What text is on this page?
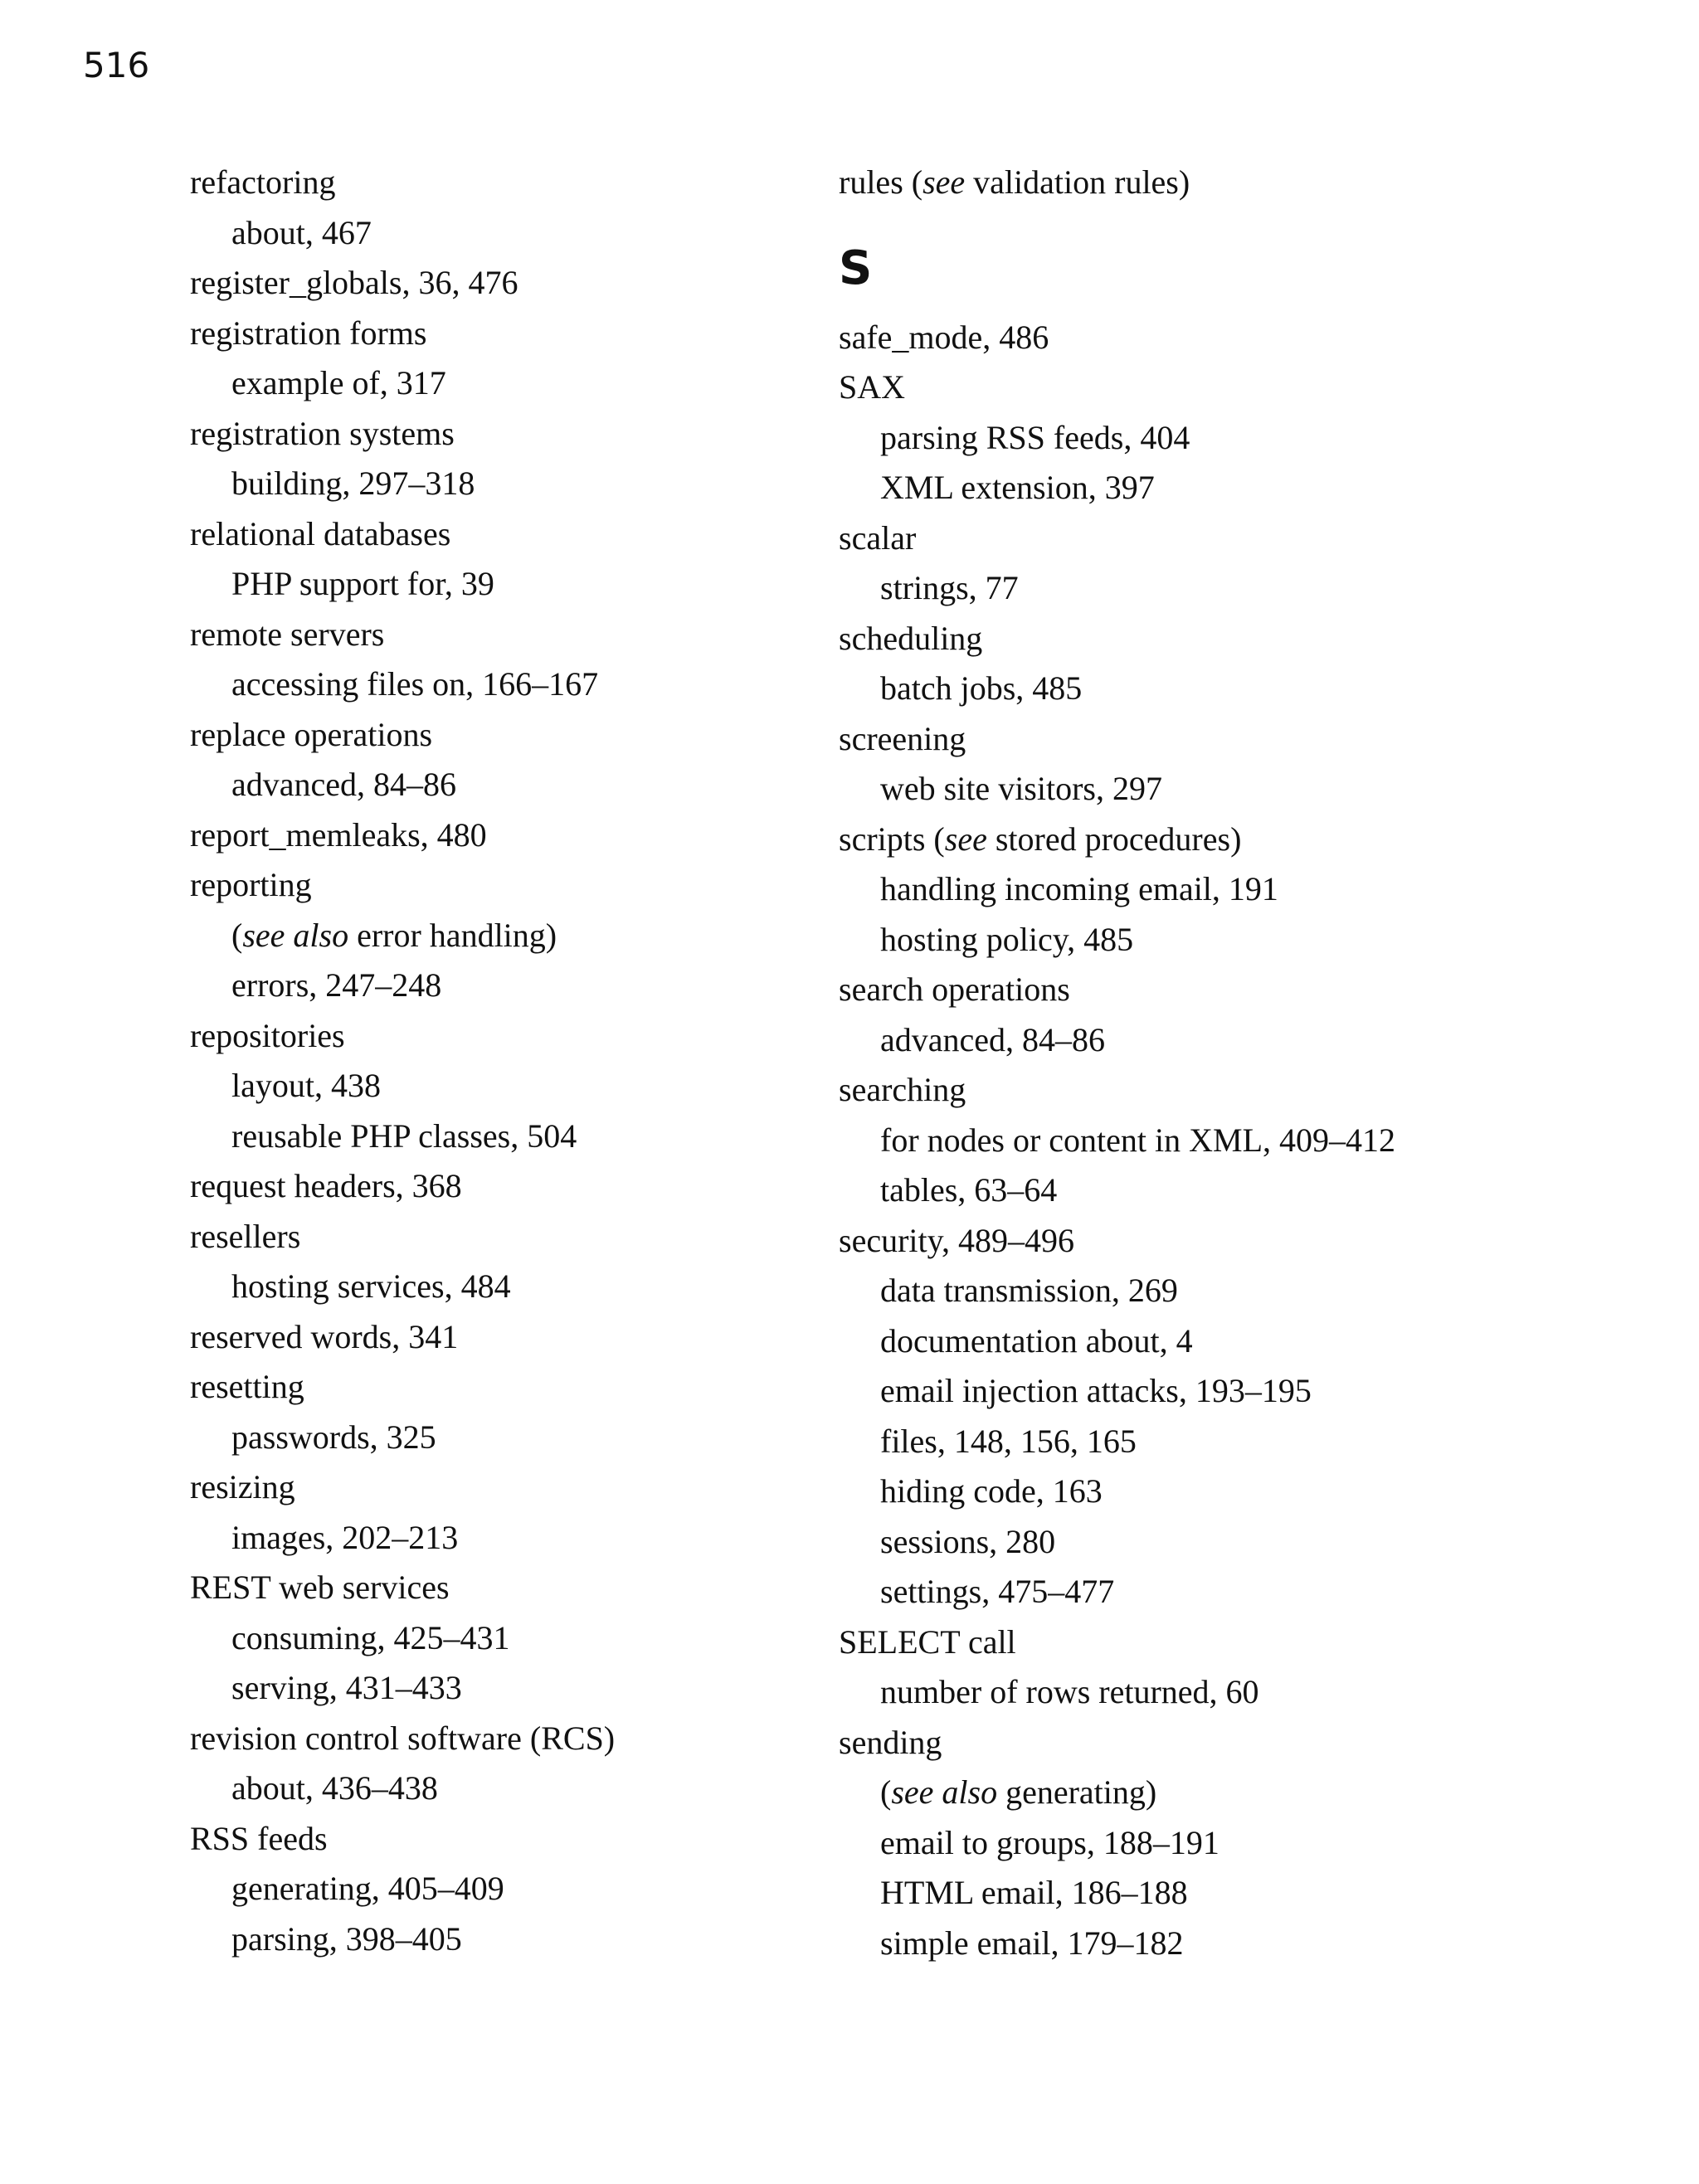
516
refactoring
about, 467
register_globals, 36, 476
registration forms
example of, 317
registration systems
building, 297–318
relational databases
PHP support for, 39
remote servers
accessing files on, 166–167
replace operations
advanced, 84–86
report_memleaks, 480
reporting
(see also error handling)
errors, 247–248
repositories
layout, 438
reusable PHP classes, 504
request headers, 368
resellers
hosting services, 484
reserved words, 341
resetting
passwords, 325
resizing
images, 202–213
REST web services
consuming, 425–431
serving, 431–433
revision control software (RCS)
about, 436–438
RSS feeds
generating, 405–409
parsing, 398–405
rules (see validation rules)
S
safe_mode, 486
SAX
parsing RSS feeds, 404
XML extension, 397
scalar
strings, 77
scheduling
batch jobs, 485
screening
web site visitors, 297
scripts (see stored procedures)
handling incoming email, 191
hosting policy, 485
search operations
advanced, 84–86
searching
for nodes or content in XML, 409–412
tables, 63–64
security, 489–496
data transmission, 269
documentation about, 4
email injection attacks, 193–195
files, 148, 156, 165
hiding code, 163
sessions, 280
settings, 475–477
SELECT call
number of rows returned, 60
sending
(see also generating)
email to groups, 188–191
HTML email, 186–188
simple email, 179–182
